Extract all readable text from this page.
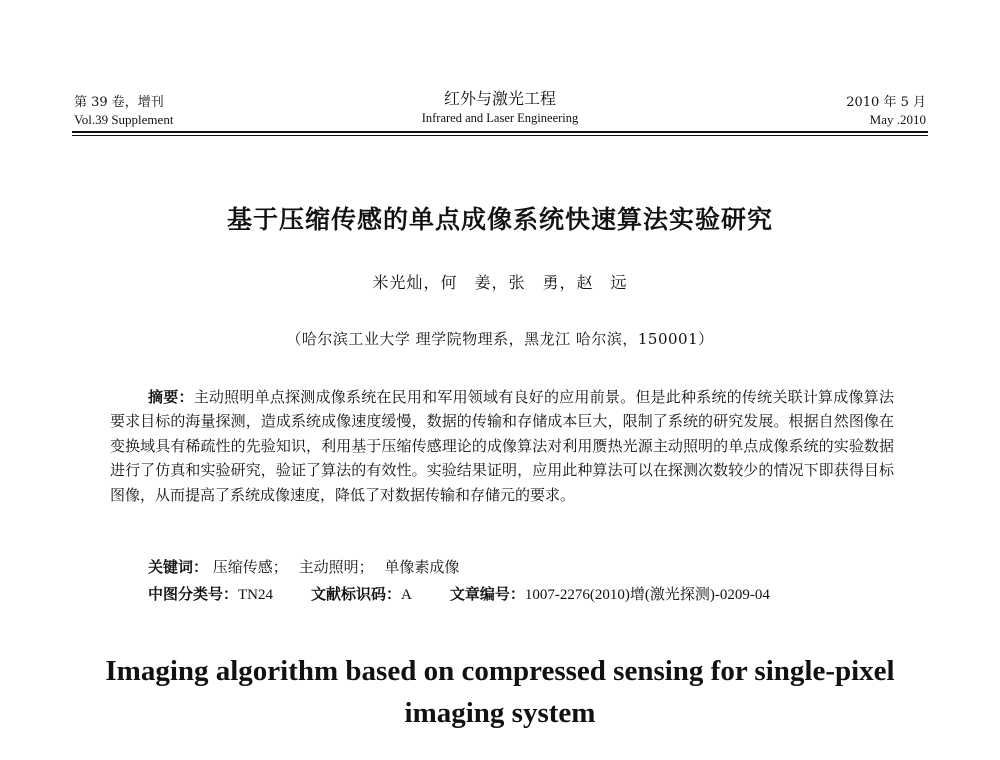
第 39 卷，增刊
Vol.39 Supplement
红外与激光工程
Infrared and Laser Engineering
2010 年 5 月
May .2010
基于压缩传感的单点成像系统快速算法实验研究
米光灿，何　姜，张　勇，赵　远
（哈尔滨工业大学 理学院物理系，黑龙江 哈尔滨，150001）
摘要：主动照明单点探测成像系统在民用和军用领域有良好的应用前景。但是此种系统的传统关联计算成像算法要求目标的海量探测，造成系统成像速度缓慢，数据的传输和存储成本巨大，限制了系统的研究发展。根据自然图像在变换域具有稀疏性的先验知识，利用基于压缩传感理论的成像算法对利用赝热光源主动照明的单点成像系统的实验数据进行了仿真和实验研究，验证了算法的有效性。实验结果证明，应用此种算法可以在探测次数较少的情况下即获得目标图像，从而提高了系统成像速度，降低了对数据传输和存储元的要求。
关键词： 压缩传感； 主动照明； 单像素成像
中图分类号：TN24	文献标识码：A	文章编号：1007-2276(2010)增(激光探测)-0209-04
Imaging algorithm based on compressed sensing for single-pixel
imaging system
